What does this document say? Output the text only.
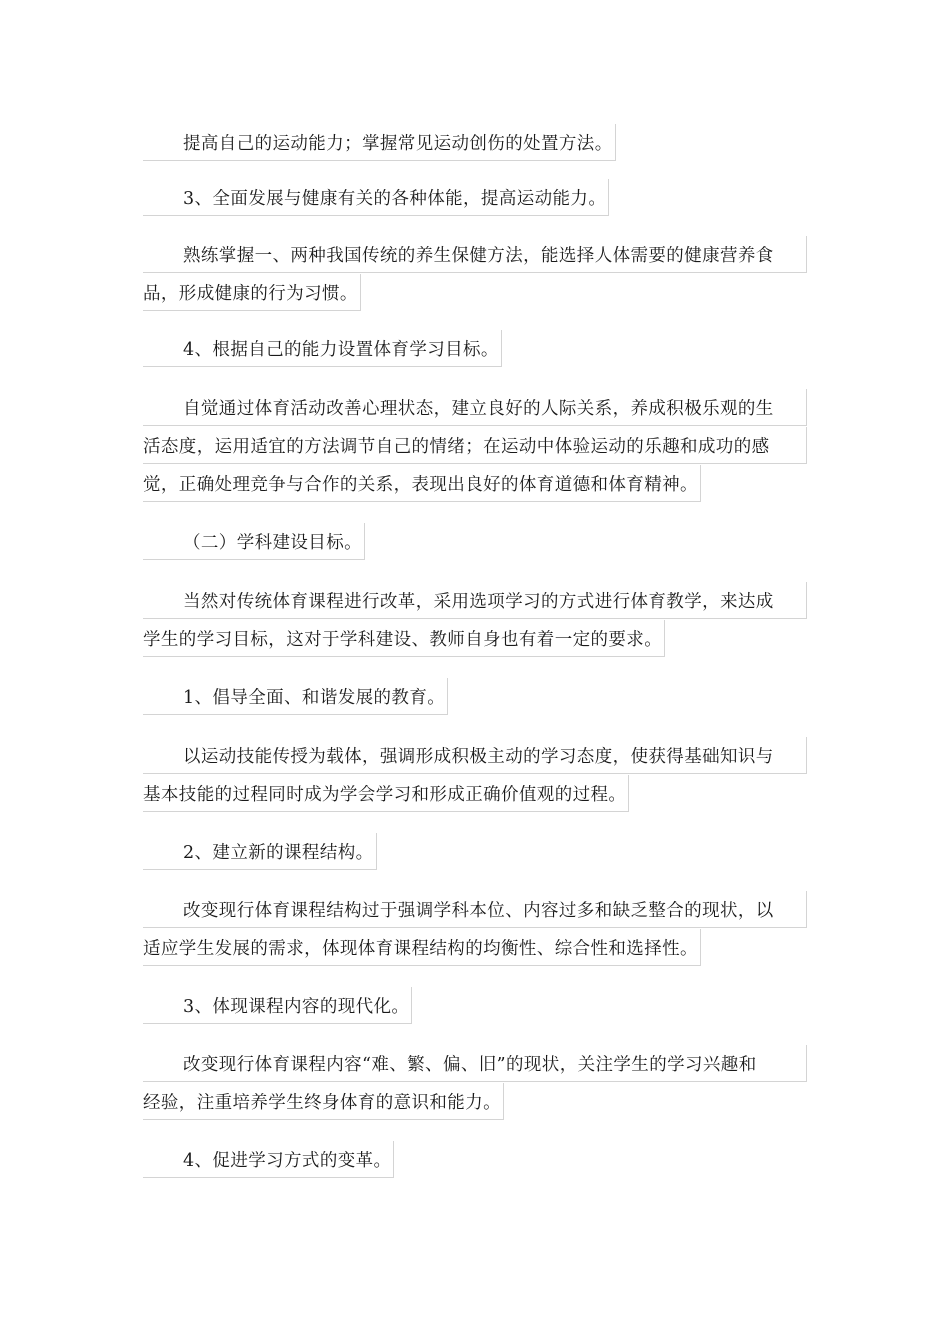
提高自己的运动能力；掌握常见运动创伤的处置方法。
3、全面发展与健康有关的各种体能，提高运动能力。
熟练掌握一、两种我国传统的养生保健方法，能选择人体需要的健康营养食
品，形成健康的行为习惯。
4、根据自己的能力设置体育学习目标。
自觉通过体育活动改善心理状态，建立良好的人际关系，养成积极乐观的生
活态度，运用适宜的方法调节自己的情绪；在运动中体验运动的乐趣和成功的感
觉，正确处理竞争与合作的关系，表现出良好的体育道德和体育精神。
（二）学科建设目标。
当然对传统体育课程进行改革，采用选项学习的方式进行体育教学，来达成
学生的学习目标，这对于学科建设、教师自身也有着一定的要求。
1、倡导全面、和谐发展的教育。
以运动技能传授为载体，强调形成积极主动的学习态度，使获得基础知识与
基本技能的过程同时成为学会学习和形成正确价值观的过程。
2、建立新的课程结构。
改变现行体育课程结构过于强调学科本位、内容过多和缺乏整合的现状，以
适应学生发展的需求，体现体育课程结构的均衡性、综合性和选择性。
3、体现课程内容的现代化。
改变现行体育课程内容“难、繁、偏、旧”的现状，关注学生的学习兴趣和
经验，注重培养学生终身体育的意识和能力。
4、促进学习方式的变革。
